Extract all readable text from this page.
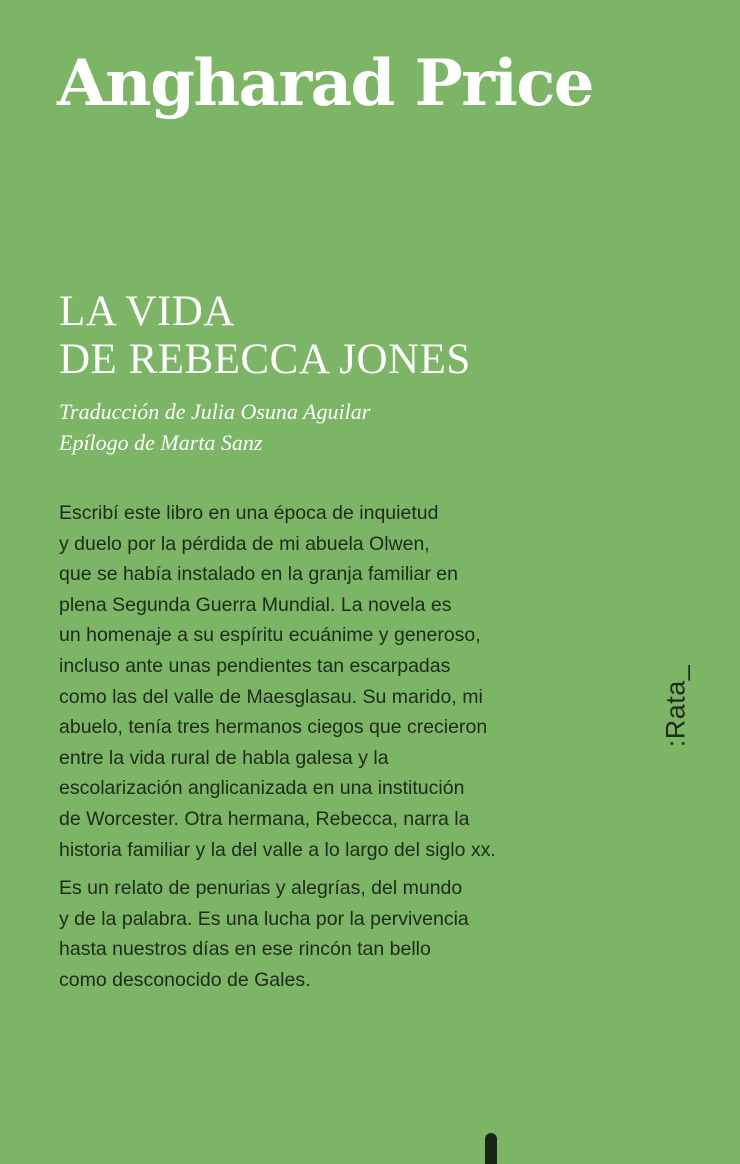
Angharad Price
LA VIDA
DE REBECCA JONES
Traducción de Julia Osuna Aguilar
Epílogo de Marta Sanz

Escribí este libro en una época de inquietud
y duelo por la pérdida de mi abuela Olwen,
que se había instalado en la granja familiar en
plena Segunda Guerra Mundial. La novela es
un homenaje a su espíritu ecuánime y generoso,
incluso ante unas pendientes tan escarpadas
como las del valle de Maesglasau. Su marido, mi
abuelo, tenía tres hermanos ciegos que crecieron
entre la vida rural de habla galesa y la
escolarización anglicanizada en una institución
de Worcester. Otra hermana, Rebecca, narra la
historia familiar y la del valle a lo largo del siglo xx.

Es un relato de penurias y alegrías, del mundo
y de la palabra. Es una lucha por la pervivencia
hasta nuestros días en ese rincón tan bello
como desconocido de Gales.

:Rata_
